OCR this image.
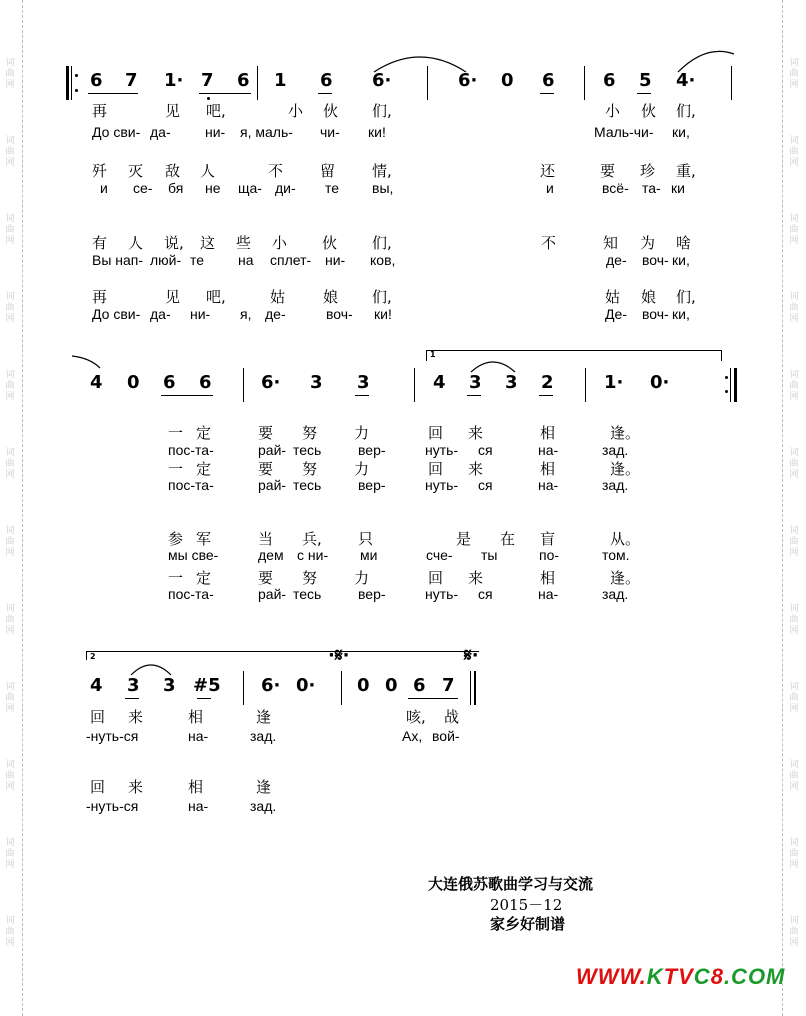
词
曲
网
词
曲
网
词
曲
网
词
曲
网
词
曲
网
词
曲
网
词
曲
网
词
曲
网
词
曲
网
词
曲
网
词
曲
网
词
曲
网
词
曲
网
词
曲
网
词
曲
网
词
曲
网
词
曲
网
词
曲
网
词
曲
网
词
曲
网
词
曲
网
词
曲
网
词
曲
网
词
曲
网
6 7 1· 7 6 1 6 6·	6· 0 6	6 5 4·
再	见 吧,	小 伙 们,	小 伙 们,
До сви- да- ни- я, маль- чи- ки!	Маль-чи- ки,
歼 灭 敌 人	不 留 情,	还	要 珍 重,
и се- бя не ща- ди- те вы,	и	всё- та- ки
有 人 说, 这 些 小 伙 们,	不	知 为 啥
Вы нап- люй- те на сплет- ни- ков,	де- воч- ки,
再	见 吧,	姑	娘 们,	姑 娘 们,
До сви- да- ни- я, де-	воч- ки!	Де- воч- ки,
4 0 6 6	6· 3 3
1
4 3 3 2	1· 0·
一 定	要 努 力	回 来	相	逢。
пос-та-	рай- тесь	вер-	нуть- ся	на-	зад.
一 定	要 努 力	回 来	相	逢。
пос-та-	рай- тесь	вер-	нуть- ся	на-	зад.
参 军	当 兵, 只	是 在 盲	从。
мы све-	дем с ни- ми	сче- ты	по-	том.
一 定	要 努 力	回 来	相	逢。
пос-та-	рай- тесь	вер-	нуть- ся	на-	зад.
2	·𝄋·	𝄋·
4 3 3 #5 6· 0· 0 0 6 7
回 来	相	逢	咳, 战
-нуть-ся	на-	зад.	Ах, вой-
回 来	相	逢
-нуть-ся	на-	зад.
大连俄苏歌曲学习与交流
2015－12
家乡好制谱
WWW.KTVC8.COM
